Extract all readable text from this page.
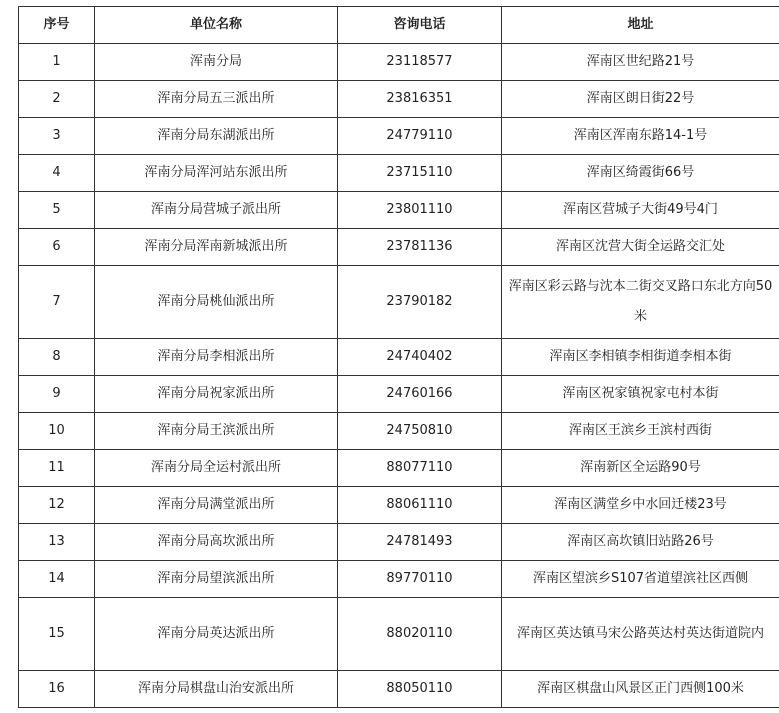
序号	单位名称	咨询电话	地址
1	浑南分局	23118577	浑南区世纪路21号
2	浑南分局五三派出所	23816351	浑南区朗日街22号
3	浑南分局东湖派出所	24779110	浑南区浑南东路14-1号
4	浑南分局浑河站东派出所	23715110	浑南区绮霞街66号
5	浑南分局营城子派出所	23801110	浑南区营城子大街49号4门
6	浑南分局浑南新城派出所	23781136	浑南区沈营大街全运路交汇处
7	浑南分局桃仙派出所	23790182	浑南区彩云路与沈本二街交叉路口东北方向50米
8	浑南分局李相派出所	24740402	浑南区李相镇李相街道李相本街
9	浑南分局祝家派出所	24760166	浑南区祝家镇祝家屯村本街
10	浑南分局王滨派出所	24750810	浑南区王滨乡王滨村西街
11	浑南分局全运村派出所	88077110	浑南新区全运路90号
12	浑南分局满堂派出所	88061110	浑南区满堂乡中水回迁楼23号
13	浑南分局高坎派出所	24781493	浑南区高坎镇旧站路26号
14	浑南分局望滨派出所	89770110	浑南区望滨乡S107省道望滨社区西侧
15	浑南分局英达派出所	88020110	浑南区英达镇马宋公路英达村英达街道院内
16	浑南分局棋盘山治安派出所	88050110	浑南区棋盘山风景区正门西侧100米
